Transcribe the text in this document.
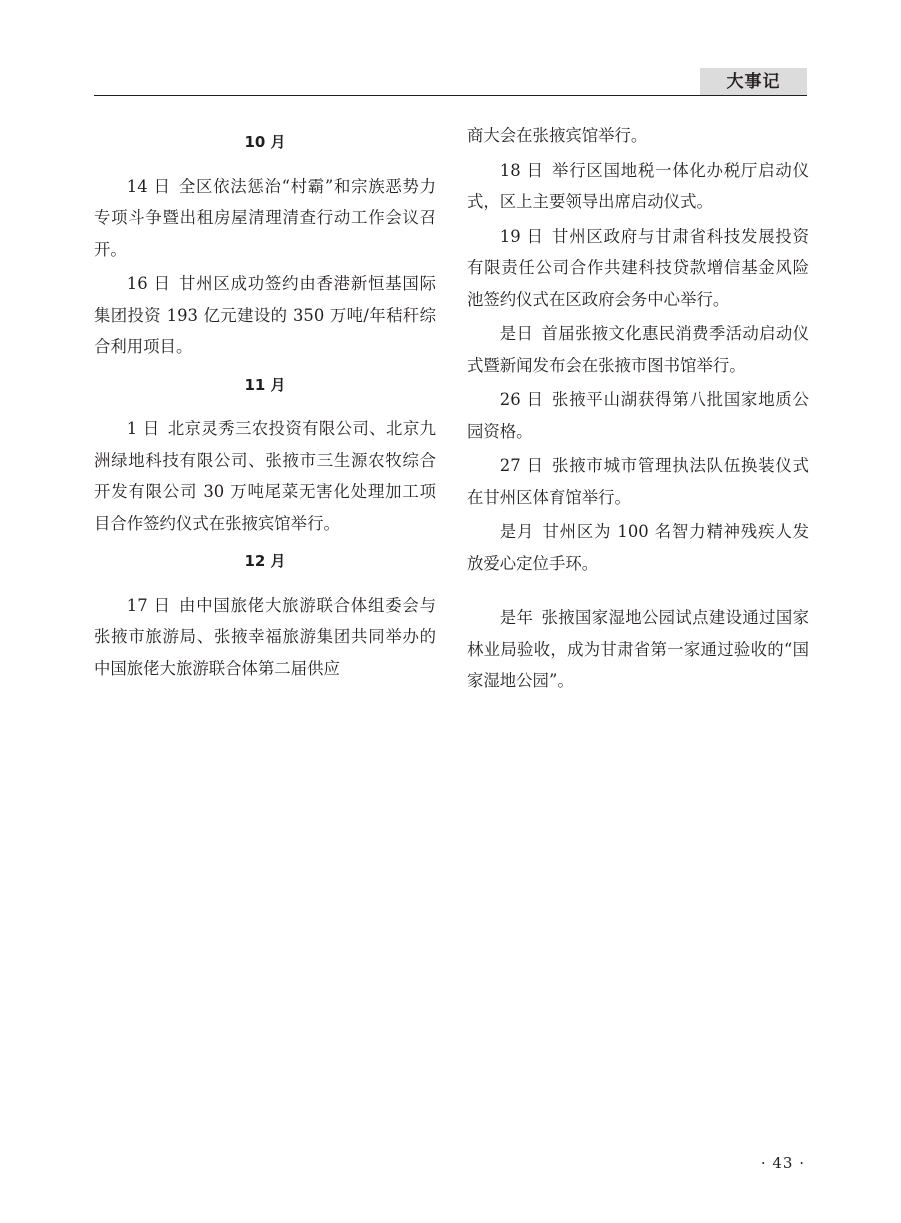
大事记
10 月

14 日 全区依法惩治“村霸”和宗族恶势力专项斗争暨出租房屋清理清查行动工作会议召开。

16 日 甘州区成功签约由香港新恒基国际集团投资 193 亿元建设的 350 万吨/年秸秆综合利用项目。

11 月

1 日 北京灵秀三农投资有限公司、北京九洲绿地科技有限公司、张掖市三生源农牧综合开发有限公司 30 万吨尾菜无害化处理加工项目合作签约仪式在张掖宾馆举行。

12 月

17 日 由中国旅佬大旅游联合体组委会与张掖市旅游局、张掖幸福旅游集团共同举办的中国旅佬大旅游联合体第二届供应

商大会在张掖宾馆举行。

18 日 举行区国地税一体化办税厅启动仪式，区上主要领导出席启动仪式。

19 日 甘州区政府与甘肃省科技发展投资有限责任公司合作共建科技贷款增信基金风险池签约仪式在区政府会务中心举行。

是日 首届张掖文化惠民消费季活动启动仪式暨新闻发布会在张掖市图书馆举行。

26 日 张掖平山湖获得第八批国家地质公园资格。

27 日 张掖市城市管理执法队伍换装仪式在甘州区体育馆举行。

是月 甘州区为 100 名智力精神残疾人发放爱心定位手环。

是年 张掖国家湿地公园试点建设通过国家林业局验收，成为甘肃省第一家通过验收的“国家湿地公园”。

· 43 ·
